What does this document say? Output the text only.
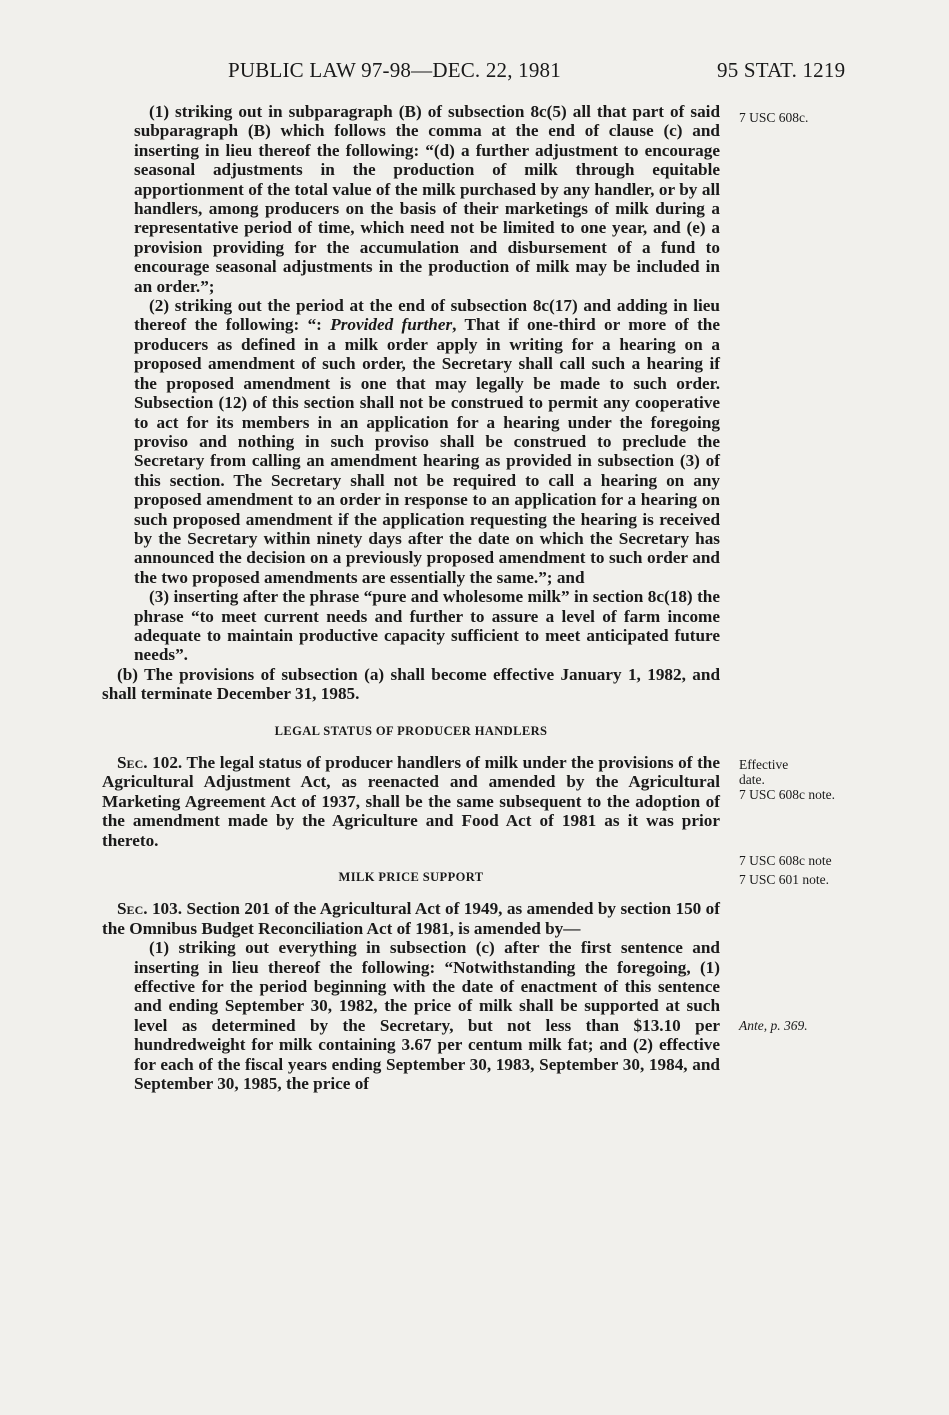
PUBLIC LAW 97-98—DEC. 22, 1981	95 STAT. 1219

(1) striking out in subparagraph (B) of subsection 8c(5) all that part of said subparagraph (B) which follows the comma at the end of clause (c) and inserting in lieu thereof the following: “(d) a further adjustment to encourage seasonal adjustments in the production of milk through equitable apportionment of the total value of the milk purchased by any handler, or by all handlers, among producers on the basis of their marketings of milk during a representative period of time, which need not be limited to one year, and (e) a provision providing for the accumulation and disbursement of a fund to encourage seasonal adjustments in the production of milk may be included in an order.”;

(2) striking out the period at the end of subsection 8c(17) and adding in lieu thereof the following: “: Provided further, That if one-third or more of the producers as defined in a milk order apply in writing for a hearing on a proposed amendment of such order, the Secretary shall call such a hearing if the proposed amendment is one that may legally be made to such order. Subsection (12) of this section shall not be construed to permit any cooperative to act for its members in an application for a hearing under the foregoing proviso and nothing in such proviso shall be construed to preclude the Secretary from calling an amendment hearing as provided in subsection (3) of this section. The Secretary shall not be required to call a hearing on any proposed amendment to an order in response to an application for a hearing on such proposed amendment if the application requesting the hearing is received by the Secretary within ninety days after the date on which the Secretary has announced the decision on a previously proposed amendment to such order and the two proposed amendments are essentially the same.”; and

(3) inserting after the phrase “pure and wholesome milk” in section 8c(18) the phrase “to meet current needs and further to assure a level of farm income adequate to maintain productive capacity sufficient to meet anticipated future needs”.

(b) The provisions of subsection (a) shall become effective January 1, 1982, and shall terminate December 31, 1985.

LEGAL STATUS OF PRODUCER HANDLERS

Sec. 102. The legal status of producer handlers of milk under the provisions of the Agricultural Adjustment Act, as reenacted and amended by the Agricultural Marketing Agreement Act of 1937, shall be the same subsequent to the adoption of the amendment made by the Agriculture and Food Act of 1981 as it was prior thereto.

MILK PRICE SUPPORT

Sec. 103. Section 201 of the Agricultural Act of 1949, as amended by section 150 of the Omnibus Budget Reconciliation Act of 1981, is amended by—

(1) striking out everything in subsection (c) after the first sentence and inserting in lieu thereof the following: “Notwithstanding the foregoing, (1) effective for the period beginning with the date of enactment of this sentence and ending September 30, 1982, the price of milk shall be supported at such level as determined by the Secretary, but not less than $13.10 per hundredweight for milk containing 3.67 per centum milk fat; and (2) effective for each of the fiscal years ending September 30, 1983, September 30, 1984, and September 30, 1985, the price of

7 USC 608c.
Effective
date.
7 USC 608c note.
7 USC 608c note
7 USC 601 note.
Ante, p. 369.
